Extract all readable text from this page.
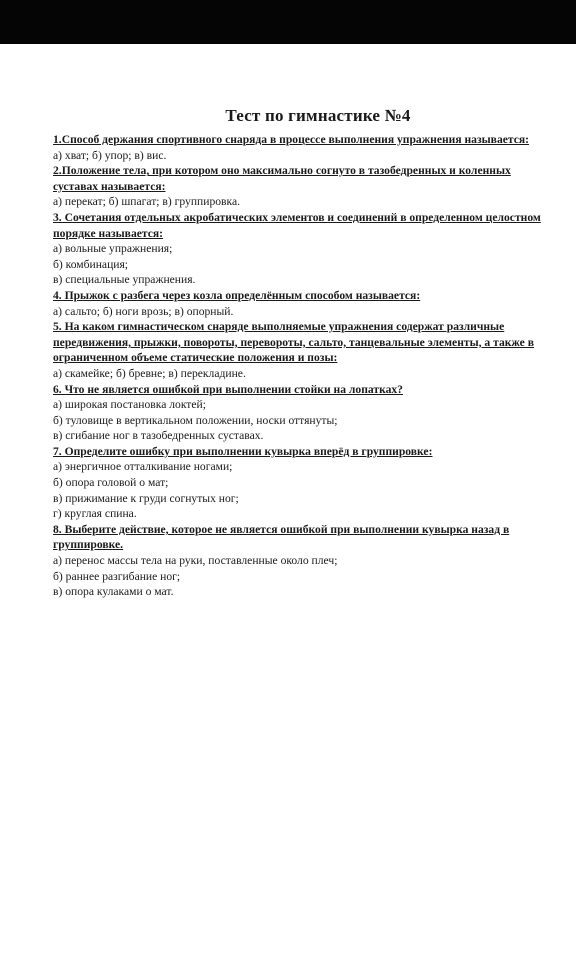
Тест по гимнастике №4

1.Способ держания спортивного снаряда в процессе выполнения упражнения называется:

а) хват; б) упор; в) вис.

2.Положение тела, при котором оно максимально согнуто в тазобедренных и коленных суставах называется:

а) перекат; б) шпагат; в) группировка.

3. Сочетания отдельных акробатических элементов и соединений в определенном целостном порядке называется:

а) вольные упражнения;

б) комбинация;

в) специальные упражнения.

4. Прыжок с разбега через козла определённым способом называется:

а) сальто; б) ноги врозь; в) опорный.

5. На каком гимнастическом снаряде выполняемые упражнения содержат различные передвижения, прыжки, повороты, перевороты, сальто, танцевальные элементы, а также в ограниченном объеме статические положения и позы:

а) скамейке; б) бревне; в) перекладине.

6. Что не является ошибкой при выполнении стойки на лопатках?

а) широкая постановка локтей;

б) туловище в вертикальном положении, носки оттянуты;

в) сгибание ног в тазобедренных суставах.

7. Определите ошибку при выполнении кувырка вперёд в группировке:

а) энергичное отталкивание ногами;

б) опора головой о мат;

в) прижимание к груди согнутых ног;

г) круглая спина.

8. Выберите действие, которое не является ошибкой при выполнении кувырка назад в группировке.

а) перенос массы тела на руки, поставленные около плеч;

б) раннее разгибание ног;

в) опора кулаками о мат.
